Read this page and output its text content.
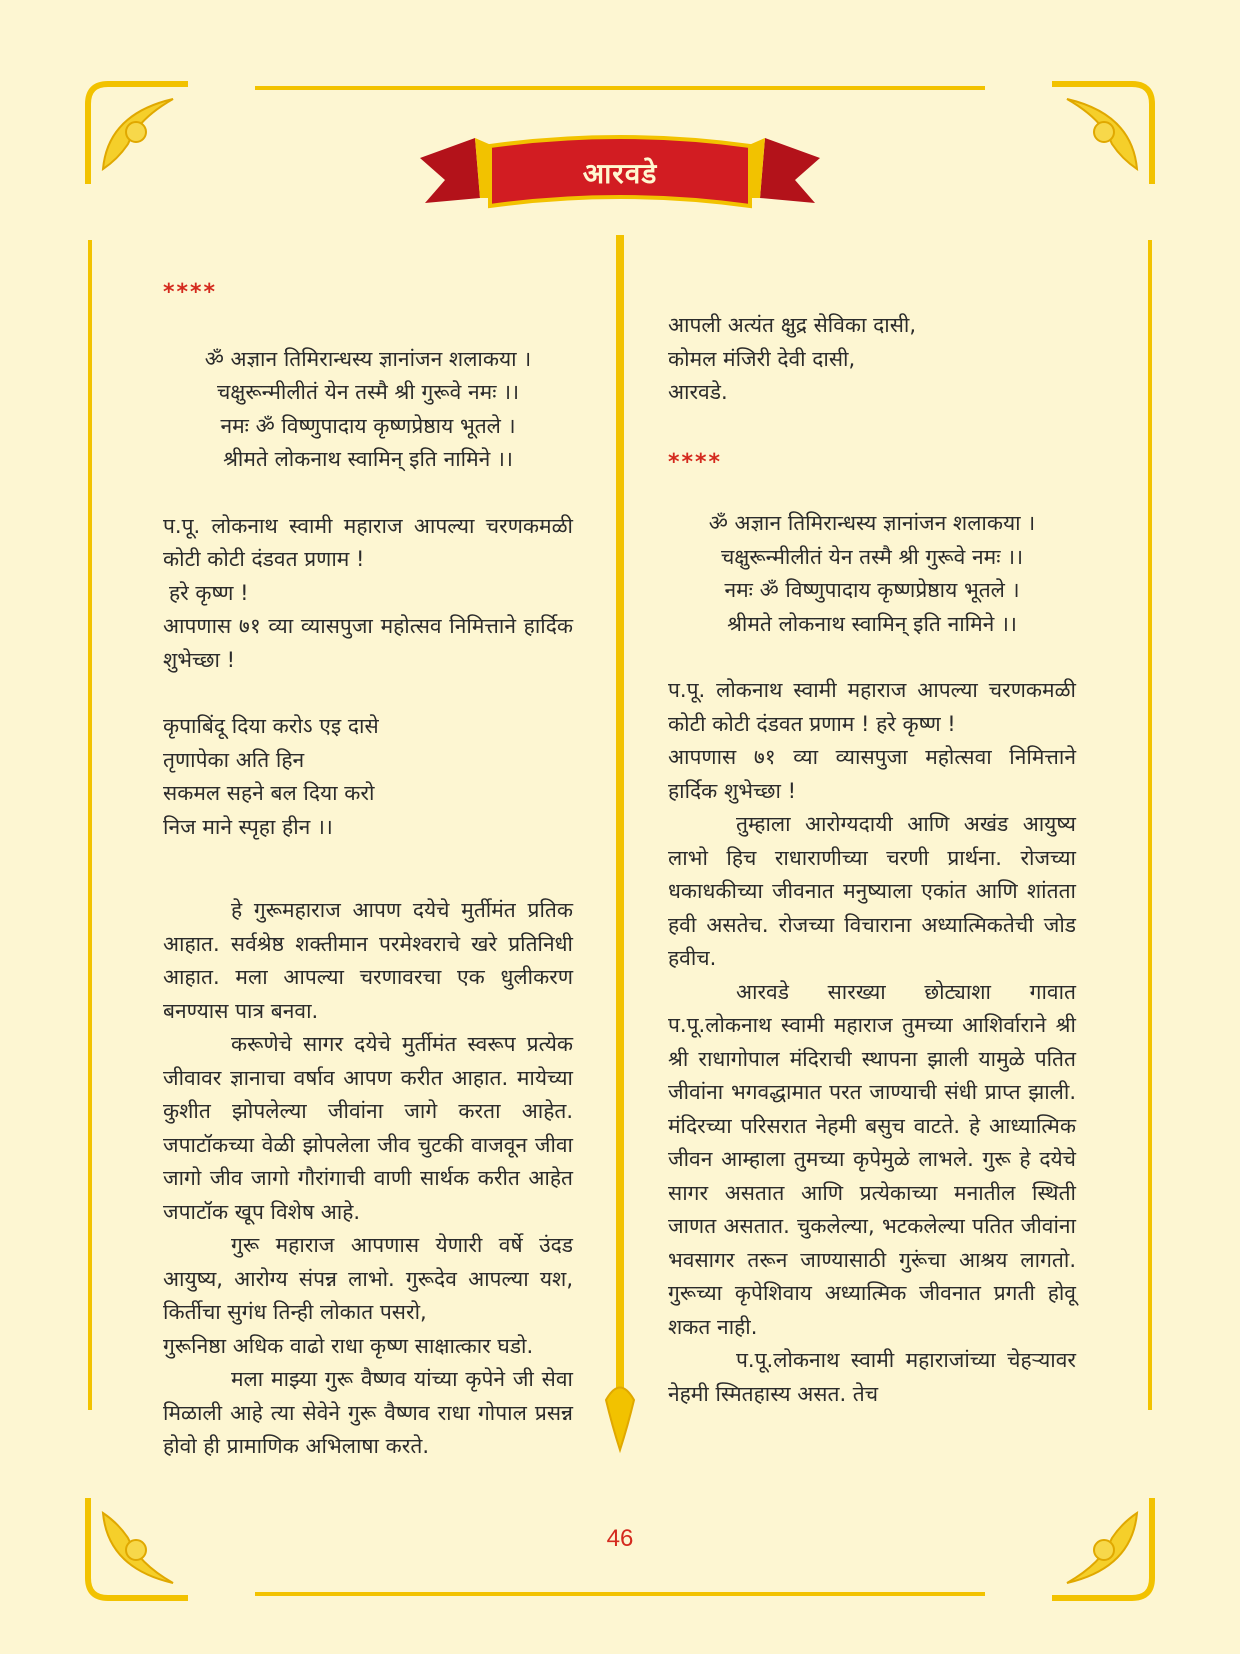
आरवडे
****
ॐ अज्ञान तिमिरान्धस्य ज्ञानांजन शलाकया ।
चक्षुरून्मीलीतं येन तस्मै श्री गुरूवे नमः ।।
नमः ॐ विष्णुपादाय कृष्णप्रेष्ठाय भूतले ।
श्रीमते लोकनाथ स्वामिन् इति नामिने ।।

प.पू. लोकनाथ स्वामी महाराज आपल्या चरणकमळी कोटी कोटी दंडवत प्रणाम !

हरे कृष्ण !

आपणास ७१ व्या व्यासपुजा महोत्सव निमित्ताने हार्दिक शुभेच्छा !

कृपाबिंदू दिया करोऽ एइ दासे
तृणापेका अति हिन
सकमल सहने बल दिया करो
निज माने स्पृहा हीन ।।

हे गुरूमहाराज आपण दयेचे मुर्तीमंत प्रतिक आहात. सर्वश्रेष्ठ शक्तीमान परमेश्वराचे खरे प्रतिनिधी आहात. मला आपल्या चरणावरचा एक धुलीकरण बनण्यास पात्र बनवा.

करूणेचे सागर दयेचे मुर्तीमंत स्वरूप प्रत्येक जीवावर ज्ञानाचा वर्षाव आपण करीत आहात. मायेच्या कुशीत झोपलेल्या जीवांना जागे करता आहेत. जपाटॉकच्या वेळी झोपलेला जीव चुटकी वाजवून जीवा जागो जीव जागो गौरांगाची वाणी सार्थक करीत आहेत जपाटॉक खूप विशेष आहे.

गुरू महाराज आपणास येणारी वर्षे उंदड आयुष्य, आरोग्य संपन्न लाभो. गुरूदेव आपल्या यश, किर्तीचा सुगंध तिन्ही लोकात पसरो,

गुरूनिष्ठा अधिक वाढो राधा कृष्ण साक्षात्कार घडो.

मला माझ्या गुरू वैष्णव यांच्या कृपेने जी सेवा मिळाली आहे त्या सेवेने गुरू वैष्णव राधा गोपाल प्रसन्न होवो ही प्रामाणिक अभिलाषा करते.

आपली अत्यंत क्षुद्र सेविका दासी,
कोमल मंजिरी देवी दासी,
आरवडे.
****
ॐ अज्ञान तिमिरान्धस्य ज्ञानांजन शलाकया ।
चक्षुरून्मीलीतं येन तस्मै श्री गुरूवे नमः ।।
नमः ॐ विष्णुपादाय कृष्णप्रेष्ठाय भूतले ।
श्रीमते लोकनाथ स्वामिन् इति नामिने ।।

प.पू. लोकनाथ स्वामी महाराज आपल्या चरणकमळी कोटी कोटी दंडवत प्रणाम ! हरे कृष्ण !

आपणास ७१ व्या व्यासपुजा महोत्सवा निमित्ताने हार्दिक शुभेच्छा !

तुम्हाला आरोग्यदायी आणि अखंड आयुष्य लाभो हिच राधाराणीच्या चरणी प्रार्थना. रोजच्या धकाधकीच्या जीवनात मनुष्याला एकांत आणि शांतता हवी असतेच. रोजच्या विचाराना अध्यात्मिकतेची जोड हवीच.

आरवडे सारख्या छोट्याशा गावात प.पू.लोकनाथ स्वामी महाराज तुमच्या आशिर्वाराने श्री श्री राधागोपाल मंदिराची स्थापना झाली यामुळे पतित जीवांना भगवद्धामात परत जाण्याची संधी प्राप्त झाली. मंदिरच्या परिसरात नेहमी बसुच वाटते. हे आध्यात्मिक जीवन आम्हाला तुमच्या कृपेमुळे लाभले. गुरू हे दयेचे सागर असतात आणि प्रत्येकाच्या मनातील स्थिती जाणत असतात. चुकलेल्या, भटकलेल्या पतित जीवांना भवसागर तरून जाण्यासाठी गुरूंचा आश्रय लागतो. गुरूच्या कृपेशिवाय अध्यात्मिक जीवनात प्रगती होवू शकत नाही.

प.पू.लोकनाथ स्वामी महाराजांच्या चेहऱ्यावर नेहमी स्मितहास्य असत. तेच

46
